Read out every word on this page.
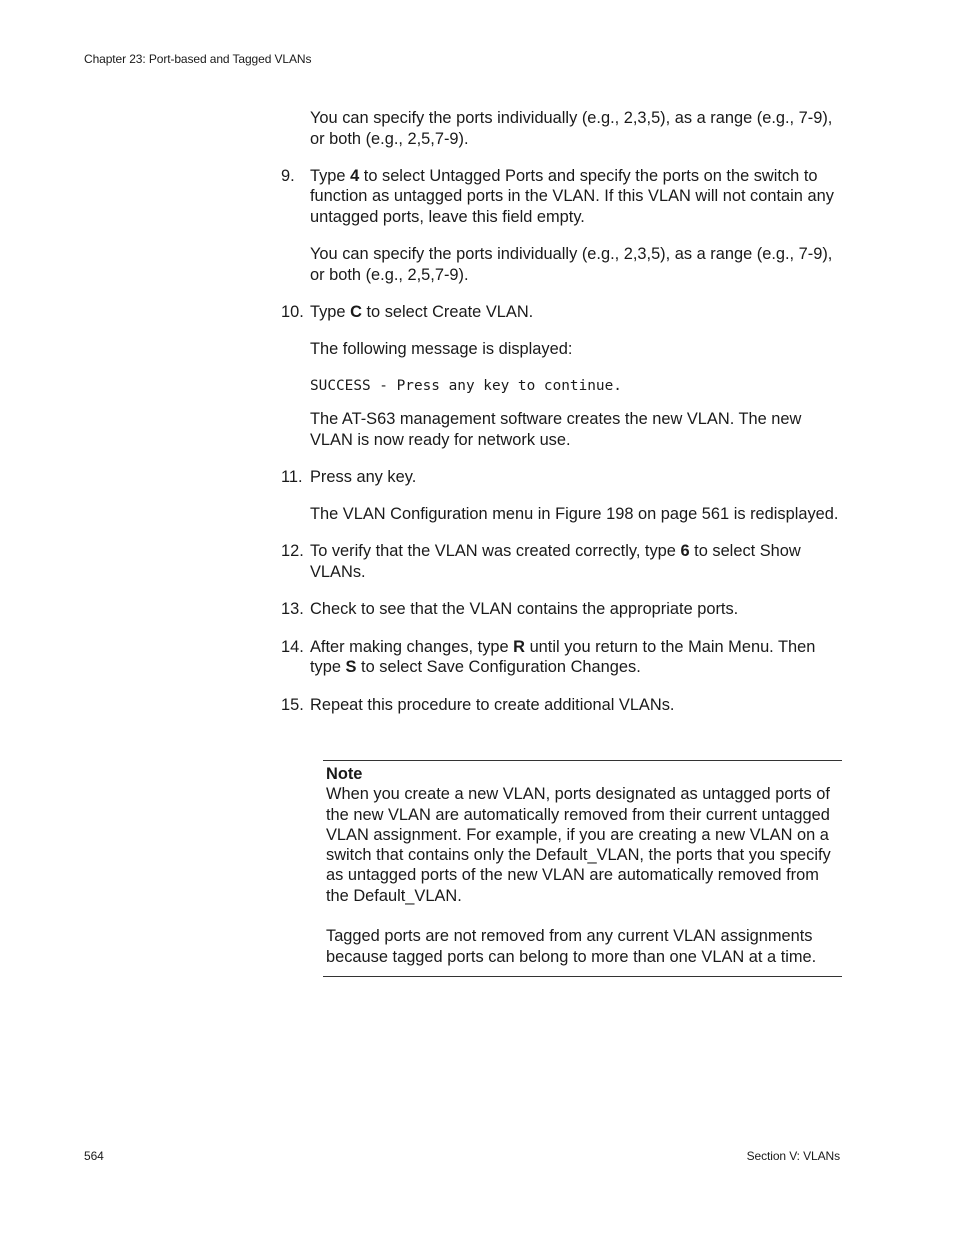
Chapter 23: Port-based and Tagged VLANs

You can specify the ports individually (e.g., 2,3,5), as a range (e.g., 7-9), or both (e.g., 2,5,7-9).

9. Type 4 to select Untagged Ports and specify the ports on the switch to function as untagged ports in the VLAN. If this VLAN will not contain any untagged ports, leave this field empty.

You can specify the ports individually (e.g., 2,3,5), as a range (e.g., 7-9), or both (e.g., 2,5,7-9).

10. Type C to select Create VLAN.

The following message is displayed:

SUCCESS - Press any key to continue.

The AT-S63 management software creates the new VLAN. The new VLAN is now ready for network use.

11. Press any key.

The VLAN Configuration menu in Figure 198 on page 561 is redisplayed.

12. To verify that the VLAN was created correctly, type 6 to select Show VLANs.
13. Check to see that the VLAN contains the appropriate ports.
14. After making changes, type R until you return to the Main Menu. Then type S to select Save Configuration Changes.
15. Repeat this procedure to create additional VLANs.
Note

When you create a new VLAN, ports designated as untagged ports of the new VLAN are automatically removed from their current untagged VLAN assignment. For example, if you are creating a new VLAN on a switch that contains only the Default_VLAN, the ports that you specify as untagged ports of the new VLAN are automatically removed from the Default_VLAN.

Tagged ports are not removed from any current VLAN assignments because tagged ports can belong to more than one VLAN at a time.

564	Section V: VLANs
